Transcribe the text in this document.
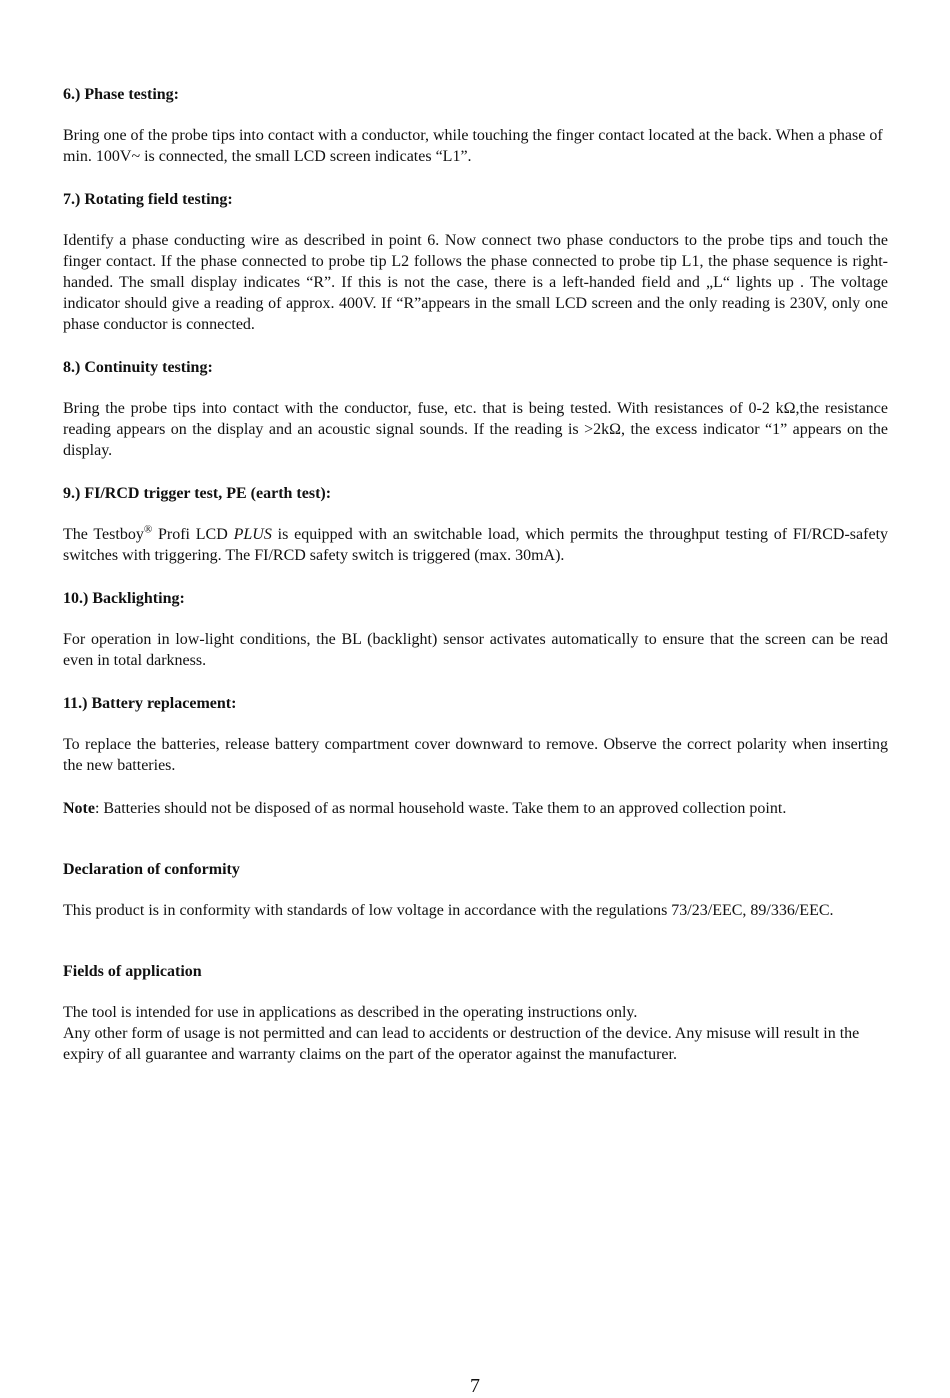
6.) Phase testing:
Bring one of the probe tips into contact with a conductor, while touching the finger contact located at the back. When a phase of min. 100V~ is connected, the small LCD screen indicates “L1”.
7.) Rotating field testing:
Identify a phase conducting wire as described in point 6. Now connect two phase conductors to the probe tips and touch the finger contact. If the phase connected to probe tip L2 follows the phase connected to probe tip L1, the phase sequence is right-handed. The small display indicates “R”. If this is not the case, there is a left-handed field and „L“ lights up . The voltage indicator should give a reading of approx. 400V. If “R”appears in the small LCD screen and the only reading is 230V, only one phase conductor is connected.
8.) Continuity testing:
Bring the probe tips into contact with the conductor, fuse, etc. that is being tested. With resistances of 0-2 kΩ,the resistance reading appears on the display and an acoustic signal sounds. If the reading is >2kΩ, the excess indicator “1” appears on the display.
9.) FI/RCD trigger test, PE (earth test):
The Testboy® Profi LCD PLUS is equipped with an switchable load, which permits the throughput testing of FI/RCD-safety switches with triggering. The FI/RCD safety switch is triggered (max. 30mA).
10.) Backlighting:
For operation in low-light conditions, the BL (backlight) sensor activates automatically to ensure that the screen can be read even in total darkness.
11.) Battery replacement:
To replace the batteries, release battery compartment cover downward to remove. Observe the correct polarity when inserting the new batteries.
Note: Batteries should not be disposed of as normal household waste. Take them to an approved collection point.
Declaration of conformity
This product is in conformity with standards of low voltage in accordance with the regulations 73/23/EEC, 89/336/EEC.
Fields of application
The tool is intended for use in applications as described in the operating instructions only.
Any other form of usage is not permitted and can lead to accidents or destruction of the device. Any misuse will result in the expiry of all guarantee and warranty claims on the part of the operator against the manufacturer.
7
